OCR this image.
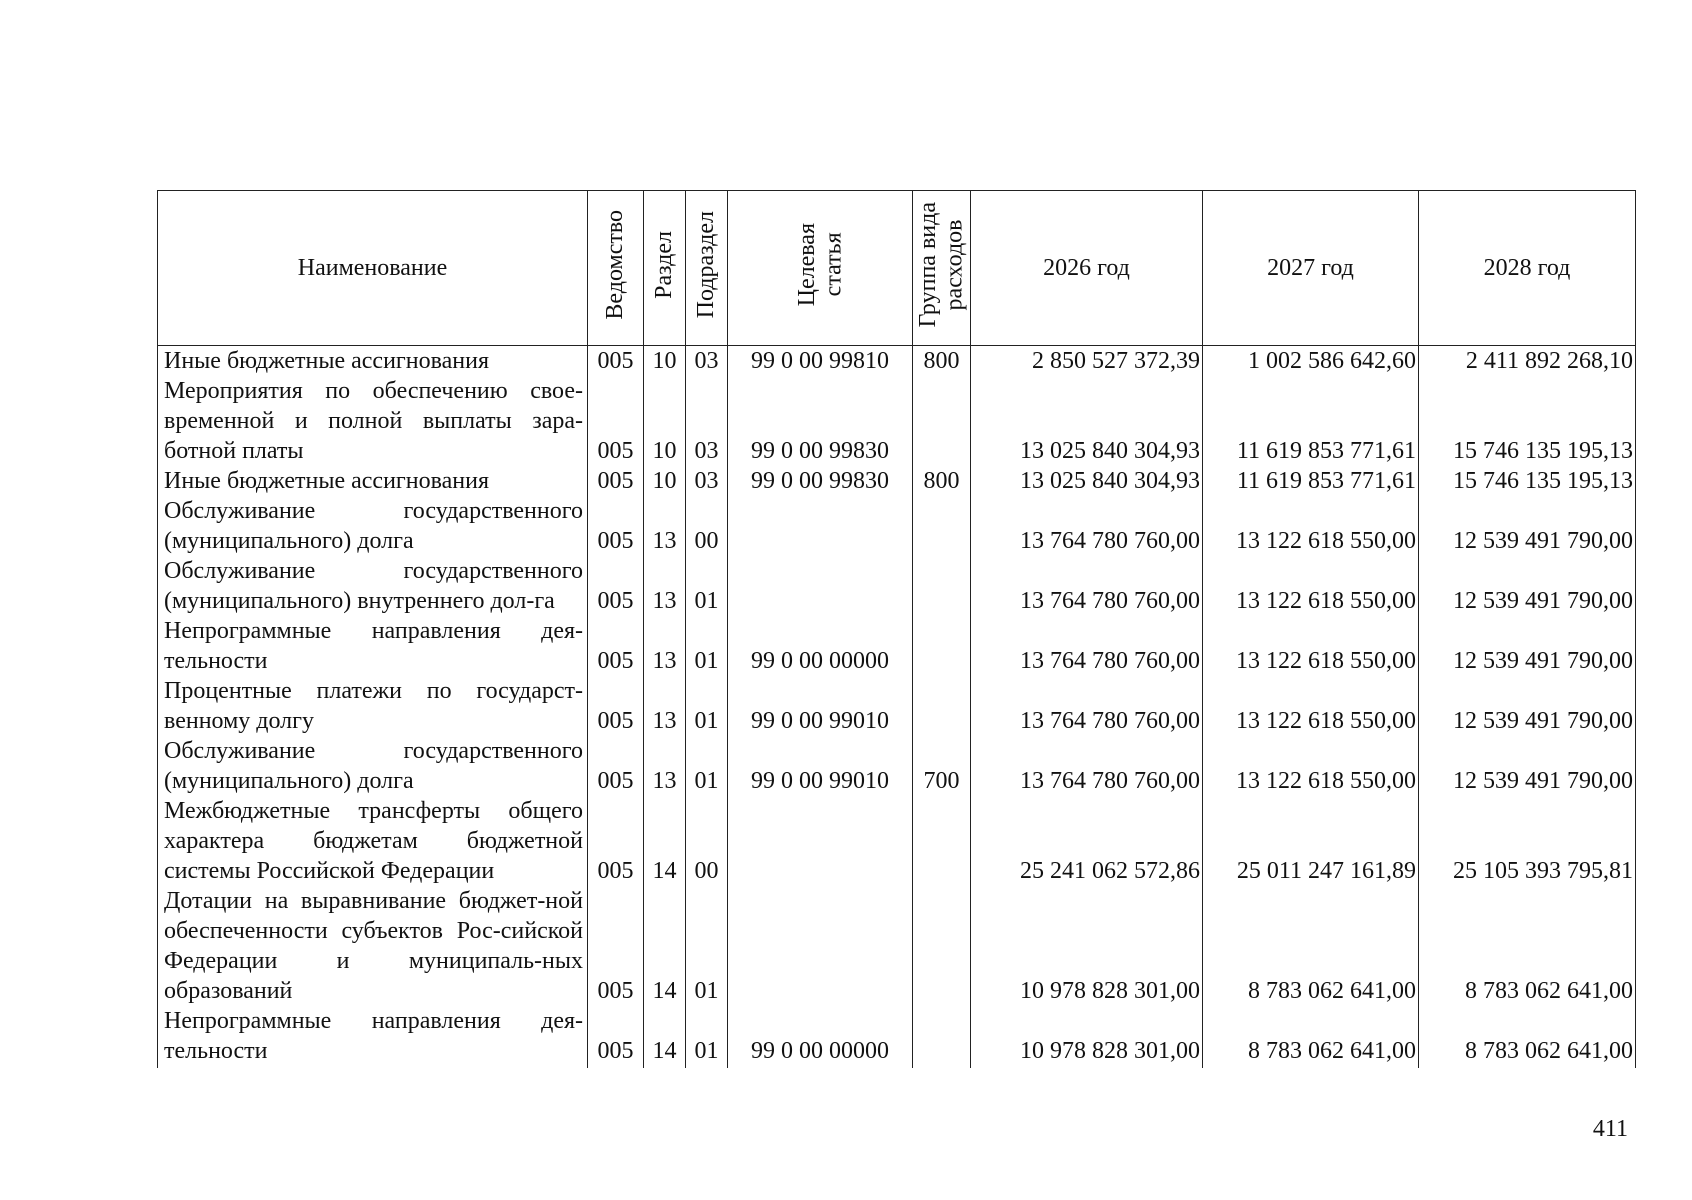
Наименование	Ведомство	Раздел	Подраздел	Целевая статья	Группа вида расходов	2026 год	2027 год	2028 год
Иные бюджетные ассигнования	005	10	03	99 0 00 99810	800	2 850 527 372,39	1 002 586 642,60	2 411 892 268,10
Мероприятия по обеспечению свое-временной и полной выплаты зара-ботной платы	005	10	03	99 0 00 99830		13 025 840 304,93	11 619 853 771,61	15 746 135 195,13
Иные бюджетные ассигнования	005	10	03	99 0 00 99830	800	13 025 840 304,93	11 619 853 771,61	15 746 135 195,13
Обслуживание государственного (муниципального) долга	005	13	00			13 764 780 760,00	13 122 618 550,00	12 539 491 790,00
Обслуживание государственного (муниципального) внутреннего дол-га	005	13	01			13 764 780 760,00	13 122 618 550,00	12 539 491 790,00
Непрограммные направления дея-тельности	005	13	01	99 0 00 00000		13 764 780 760,00	13 122 618 550,00	12 539 491 790,00
Процентные платежи по государст-венному долгу	005	13	01	99 0 00 99010		13 764 780 760,00	13 122 618 550,00	12 539 491 790,00
Обслуживание государственного (муниципального) долга	005	13	01	99 0 00 99010	700	13 764 780 760,00	13 122 618 550,00	12 539 491 790,00
Межбюджетные трансферты общего характера бюджетам бюджетной системы Российской Федерации	005	14	00			25 241 062 572,86	25 011 247 161,89	25 105 393 795,81
Дотации на выравнивание бюджет-ной обеспеченности субъектов Рос-сийской Федерации и муниципаль-ных образований	005	14	01			10 978 828 301,00	8 783 062 641,00	8 783 062 641,00
Непрограммные направления дея-тельности	005	14	01	99 0 00 00000		10 978 828 301,00	8 783 062 641,00	8 783 062 641,00
411
